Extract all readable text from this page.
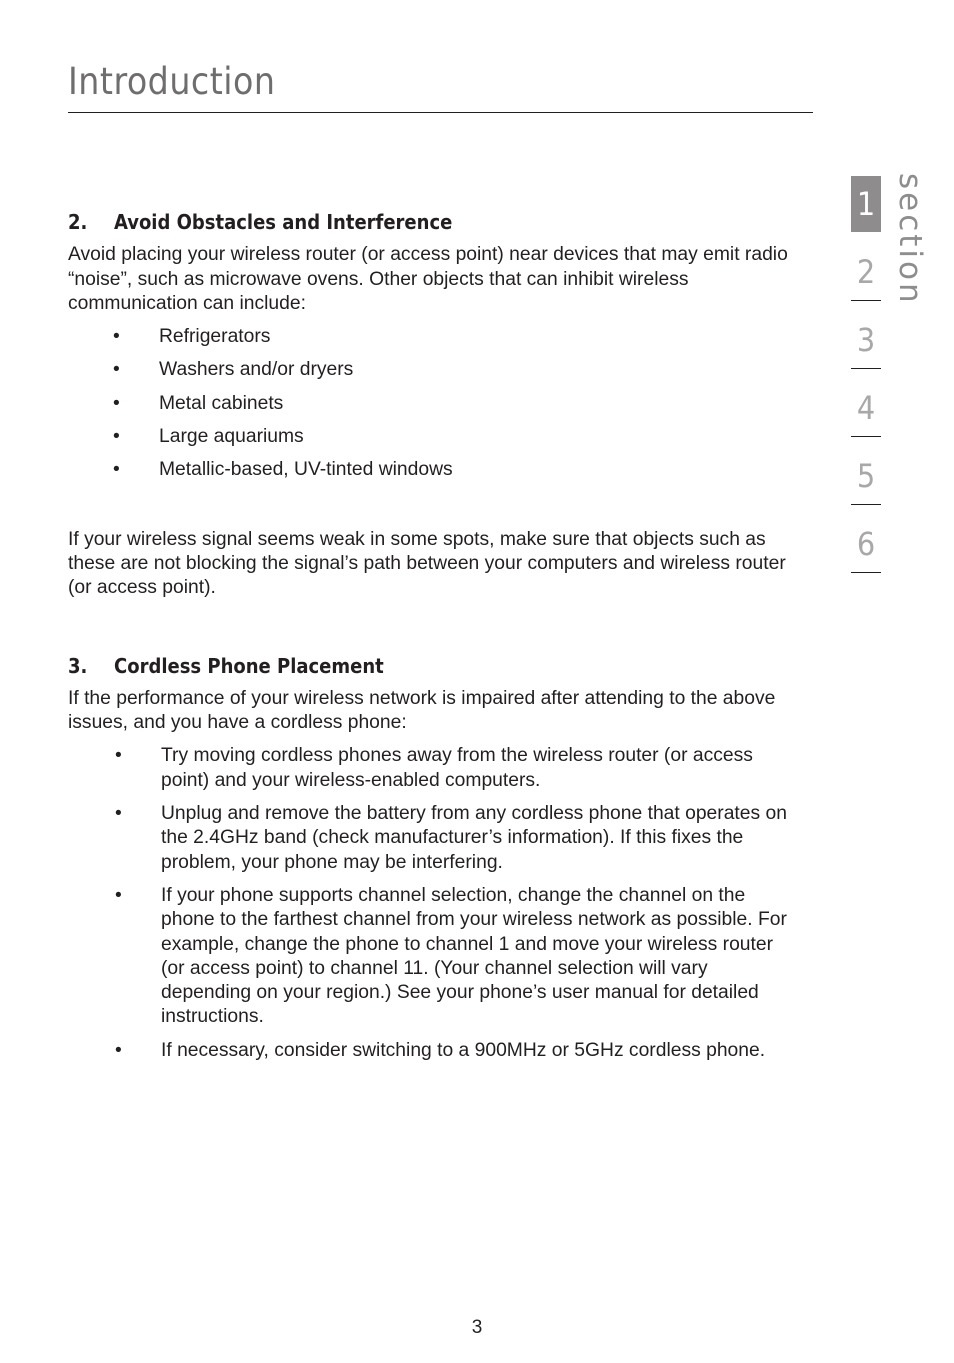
Introduction
2.	Avoid Obstacles and Interference

Avoid placing your wireless router (or access point) near devices that may emit radio “noise”, such as microwave ovens. Other objects that can inhibit wireless communication can include:

• Refrigerators
• Washers and/or dryers
• Metal cabinets
• Large aquariums
• Metallic-based, UV-tinted windows

If your wireless signal seems weak in some spots, make sure that objects such as these are not blocking the signal’s path between your computers and wireless router (or access point).

3.	Cordless Phone Placement

If the performance of your wireless network is impaired after attending to the above issues, and you have a cordless phone:

• Try moving cordless phones away from the wireless router (or access point) and your wireless-enabled computers.
• Unplug and remove the battery from any cordless phone that operates on the 2.4GHz band (check manufacturer’s information). If this fixes the problem, your phone may be interfering.
• If your phone supports channel selection, change the channel on the phone to the farthest channel from your wireless network as possible. For example, change the phone to channel 1 and move your wireless router (or access point) to channel 11. (Your channel selection will vary depending on your region.) See your phone’s user manual for detailed instructions.
• If necessary, consider switching to a 900MHz or 5GHz cordless phone.
1
2
3
4
5
6
section
3
